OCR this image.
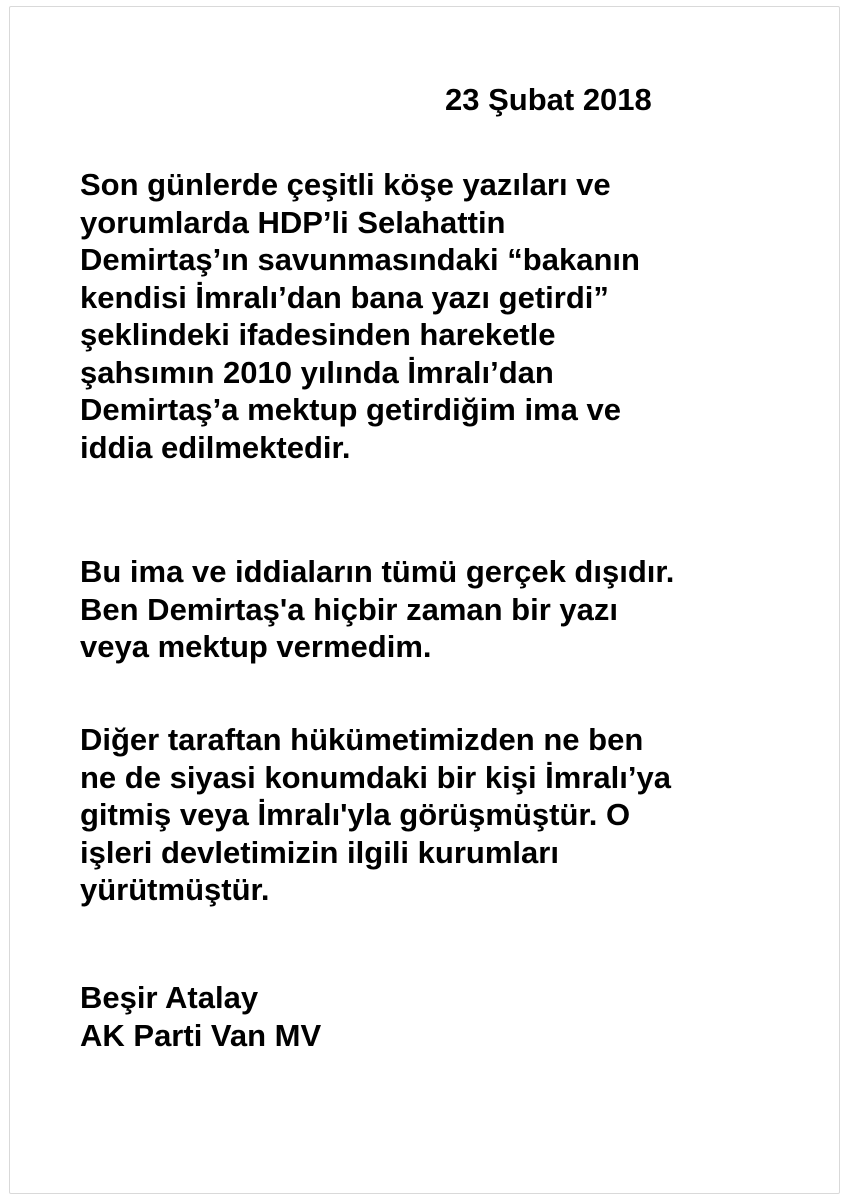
23 Şubat 2018

Son günlerde çeşitli köşe yazıları ve
yorumlarda HDP’li Selahattin
Demirtaş’ın savunmasındaki “bakanın
kendisi İmralı’dan bana yazı getirdi”
şeklindeki ifadesinden hareketle
şahsımın 2010 yılında İmralı’dan
Demirtaş’a mektup getirdiğim ima ve
iddia edilmektedir.

Bu ima ve iddiaların tümü gerçek dışıdır.
Ben Demirtaş'a hiçbir zaman bir yazı
veya mektup vermedim.

Diğer taraftan hükümetimizden ne ben
ne de siyasi konumdaki bir kişi İmralı’ya
gitmiş veya İmralı'yla görüşmüştür. O
işleri devletimizin ilgili kurumları
yürütmüştür.

Beşir Atalay
AK Parti Van MV
